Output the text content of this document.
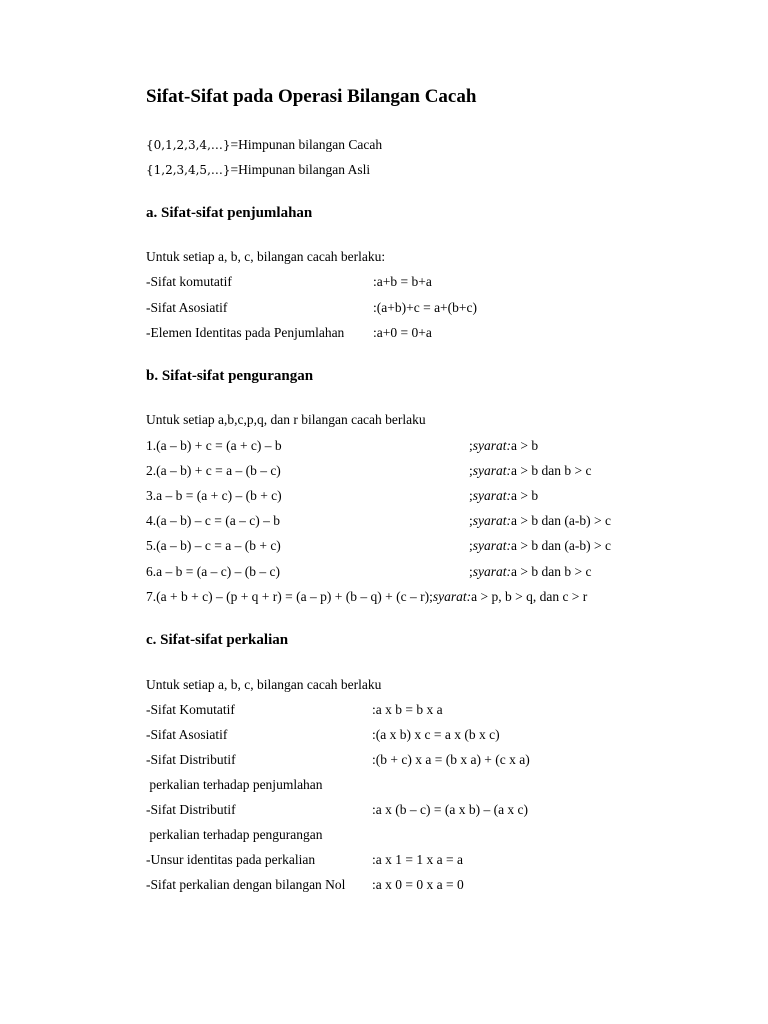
Sifat-Sifat pada Operasi Bilangan Cacah
{0,1,2,3,4,…}=Himpunan bilangan Cacah
{1,2,3,4,5,…}=Himpunan bilangan Asli
a. Sifat-sifat penjumlahan
Untuk setiap a, b, c, bilangan cacah berlaku:
-Sifat komutatif	:a+b = b+a
-Sifat Asosiatif	:(a+b)+c = a+(b+c)
-Elemen Identitas pada Penjumlahan :a+0 = 0+a
b. Sifat-sifat pengurangan
Untuk setiap a,b,c,p,q, dan r bilangan cacah berlaku
1.(a – b) + c = (a + c) – b	;syarat:a > b
2.(a – b) + c = a – (b – c)	;syarat:a > b dan b > c
3.a – b = (a + c) – (b + c)	;syarat:a > b
4.(a – b) – c = (a – c) – b	;syarat:a > b dan (a-b) > c
5.(a – b) – c = a – (b + c)	;syarat:a > b dan (a-b) > c
6.a – b = (a – c) – (b – c)	;syarat:a > b dan b > c
7.(a + b + c) – (p + q + r) = (a – p) + (b – q) + (c – r);syarat:a > p, b > q, dan c > r
c. Sifat-sifat perkalian
Untuk setiap a, b, c, bilangan cacah berlaku
-Sifat Komutatif	:a x b = b x a
-Sifat Asosiatif	:(a x b) x c = a x (b x c)
-Sifat Distributif	:(b + c) x a = (b x a) + (c x a)
perkalian terhadap penjumlahan
-Sifat Distributif	:a x (b – c) = (a x b) – (a x c)
perkalian terhadap pengurangan
-Unsur identitas pada perkalian	:a x 1 = 1 x a = a
-Sifat perkalian dengan bilangan Nol :a x 0 = 0 x a = 0
